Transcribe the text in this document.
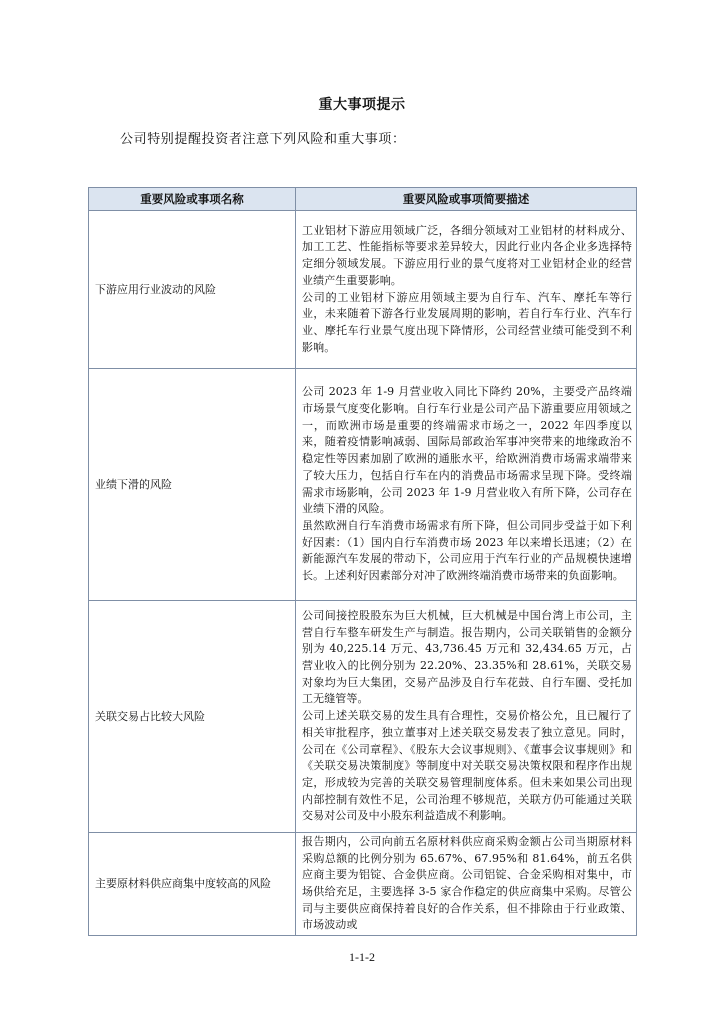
重大事项提示
公司特别提醒投资者注意下列风险和重大事项：
重要风险或事项名称	重要风险或事项简要描述
下游应用行业波动的风险	工业铝材下游应用领域广泛，各细分领域对工业铝材的材料成分、加工工艺、性能指标等要求差异较大，因此行业内各企业多选择特定细分领域发展。下游应用行业的景气度将对工业铝材企业的经营业绩产生重要影响。

公司的工业铝材下游应用领域主要为自行车、汽车、摩托车等行业，未来随着下游各行业发展周期的影响，若自行车行业、汽车行业、摩托车行业景气度出现下降情形，公司经营业绩可能受到不利影响。

业绩下滑的风险	公司 2023 年 1-9 月营业收入同比下降约 20%，主要受产品终端市场景气度变化影响。自行车行业是公司产品下游重要应用领域之一，而欧洲市场是重要的终端需求市场之一，2022 年四季度以来，随着疫情影响减弱、国际局部政治军事冲突带来的地缘政治不稳定性等因素加剧了欧洲的通胀水平，给欧洲消费市场需求端带来了较大压力，包括自行车在内的消费品市场需求呈现下降。受终端需求市场影响，公司 2023 年 1-9 月营业收入有所下降，公司存在业绩下滑的风险。

虽然欧洲自行车消费市场需求有所下降，但公司同步受益于如下利好因素：（1）国内自行车消费市场 2023 年以来增长迅速；（2）在新能源汽车发展的带动下，公司应用于汽车行业的产品规模快速增长。上述利好因素部分对冲了欧洲终端消费市场带来的负面影响。

关联交易占比较大风险	公司间接控股股东为巨大机械，巨大机械是中国台湾上市公司，主营自行车整车研发生产与制造。报告期内，公司关联销售的金额分别为 40,225.14 万元、43,736.45 万元和 32,434.65 万元，占营业收入的比例分别为 22.20%、23.35%和 28.61%，关联交易对象均为巨大集团，交易产品涉及自行车花鼓、自行车圈、受托加工无缝管等。

公司上述关联交易的发生具有合理性，交易价格公允，且已履行了相关审批程序，独立董事对上述关联交易发表了独立意见。同时，公司在《公司章程》、《股东大会议事规则》、《董事会议事规则》和《关联交易决策制度》等制度中对关联交易决策权限和程序作出规定，形成较为完善的关联交易管理制度体系。但未来如果公司出现内部控制有效性不足，公司治理不够规范，关联方仍可能通过关联交易对公司及中小股东利益造成不利影响。

主要原材料供应商集中度较高的风险	报告期内，公司向前五名原材料供应商采购金额占公司当期原材料采购总额的比例分别为 65.67%、67.95%和 81.64%，前五名供应商主要为铝锭、合金供应商。公司铝锭、合金采购相对集中，市场供给充足，主要选择 3-5 家合作稳定的供应商集中采购。尽管公司与主要供应商保持着良好的合作关系，但不排除由于行业政策、市场波动或

1-1-2
